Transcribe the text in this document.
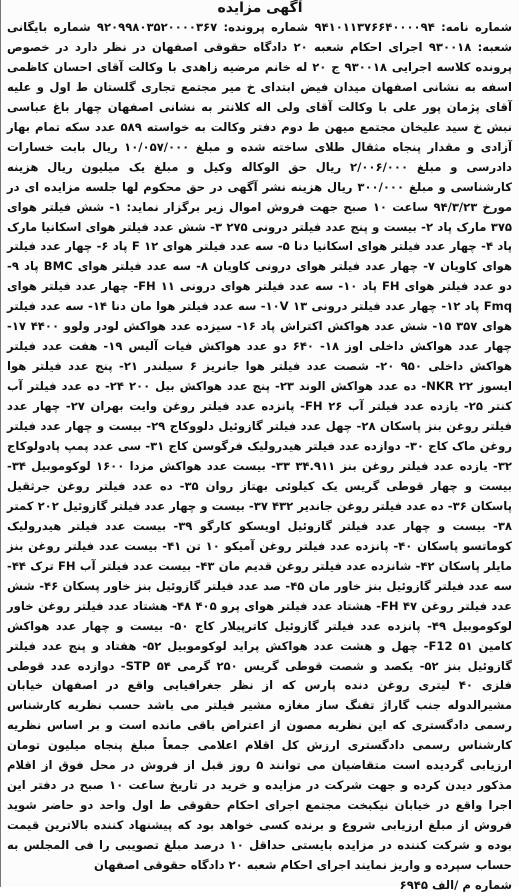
آگهی مزایده

شماره نامه: ۹۴۱۰۱۱۳۷۶۶۴۰۰۰۰۹۴ شماره پرونده: ۹۲۰۹۹۸۰۳۵۲۰۰۰۰۳۶۷ شماره بایگانی شعبه: ۹۳۰۰۱۸ اجرای احکام شعبه ۲۰ دادگاه حقوقی اصفهان در نظر دارد در خصوص پرونده کلاسه اجرایی ۹۳۰۰۱۸ ج ۲۰ له خانم مرضیه زاهدی با وکالت آقای احسان کاظمی اسفه به نشانی اصفهان میدان فیض ابتدای خ میر مجتمع تجاری گلستان ط اول و علیه آقای پژمان پور علی با وکالت آقای ولی اله کلانتر به نشانی اصفهان چهار باغ عباسی نبش خ سید علیخان مجتمع میهن ط دوم دفتر وکالت به خواسته ۵۸۹ عدد سکه تمام بهار آزادی و مقدار پنجاه مثقال طلای ساخته شده و مبلغ ۱۰/۰۵۷/۰۰۰ ریال بابت خسارات دادرسی و مبلغ ۲/۰۰۶/۰۰۰ ریال حق الوکاله وکیل و مبلغ یک میلیون ریال هزینه کارشناسی و مبلغ ۳۰۰/۰۰۰ ریال هزینه نشر آگهی در حق محکوم لها جلسه مزایده ای در مورخ ۹۴/۳/۲۳ ساعت ۱۰ صبح جهت فروش اموال زیر برگزار نماید: ۱- شش فیلتر هوای ۳۷۵ مارک پاد ۲- بیست و پنج عدد فیلتر درونی ۲۷۵ ۳- شش عدد فیلتر هوای اسکانیا مارک پاد ۴- چهار عدد فیلتر هوای اسکانیا دنا ۵- سه عدد فیلتر هوای ۱۲ F پاد ۶- چهار عدد فیلتر هوای کاویان ۷- چهار عدد فیلتر هوای درونی کاویان ۸- سه عدد فیلتر هوای BMC پاد ۹- دو عدد فیلتر هوای FH پاد ۱۰- سه عدد فیلتر هوای درونی FH ۱۱- چهار عدد فیلتر هوای Fmq پاد ۱۲- چهار عدد فیلتر درونی ۱۰V ۱۳- سه عدد فیلتر هوا مان دنا ۱۴- سه عدد فیلتر هوای ۳۵۷ ۱۵- شش عدد هواکش اکتراش پاد ۱۶- سیزده عدد هواکش لودر ولوو ۴۴۰۰ ۱۷- چهار عدد هواکش داخلی اوز ۱۸- ۶۴۰ دو عدد هواکش فیات آلیس ۱۹- هفت عدد فیلتر هواکش داخلی ۹۵۰ ۲۰- شصت عدد فیلتر هوا جانریز ۶ سیلندر ۲۱- پنج عدد فیلتر هوا ایسوز NKR ۲۲- ده عدد هواکش الوند ۲۳- پنج عدد هواکش بیل ۲۰۰ ۲۴- ده عدد فیلتر آب کنتر ۲۵- یازده عدد فیلتر آب FH ۲۶- پانزده عدد فیلتر روغن وایت بهران ۲۷- چهار عدد فیلتر روغن بنز پاسکان ۲۸- چهل عدد فیلتر گازوئیل دلووکاج ۲۹- بیست و چهار عدد فیلتر روغن ماک کاج ۳۰- دوازده عدد فیلتر هیدرولیک فرگوسن کاج ۳۱- سی عدد پمپ پادولوکاج ۳۲- یازده عدد فیلتر روغن بنز ۳۴.۹۱۱ ۳۳- بیست عدد هواکش مزدا ۱۶۰۰ لوکوموبیل ۳۴- بیست و چهار قوطی گریس یک کیلوئی بهتاز روان ۳۵- ده عدد فیلتر روغن جرثقیل پاسکان ۳۶- ده عدد فیلتر روغن جاندیر ۴۳۲ ۳۷- بیست و چهار عدد فیلتر گازوئیل ۲۰۲ کمتر ۳۸- بیست و چهار عدد فیلتر گازوئیل اویسکو کارگو ۳۹- بیست عدد فیلتر هیدرولیک کوماتسو پاسکان ۴۰- پانزده عدد فیلتر روغن آمیکو ۱۰ تن ۴۱- بیست عدد فیلتر روغن بنز مایلر پاسکان ۴۲- شانزده عدد فیلتر روغن قدیم مان ۴۳- بیست عدد فیلتر آب FH ترک ۴۴- سه عدد فیلتر گازوئیل بنز خاور مان ۴۵- صد عدد فیلتر گازوئیل بنز خاور پسکان ۴۶- شش عدد فیلتر روغن FH ۴۷- هشتاد عدد فیلتر هوای پرو ۴۰۵ ۴۸- هشتاد عدد فیلتر روغن خاور لوکوموبیل ۴۹- پانزده عدد فیلتر گازوئیل کاترپیلار کاج ۵۰- بیست و چهار عدد هواکش کامین F12 ۵۱- چهل و هشت عدد هواکش پراید لوکوموبیل ۵۲- هفتاد و پنج عدد فیلتر گازوئیل بنز ۵۲- یکصد و شصت قوطی گریس ۲۵۰ گرمی STP ۵۴- دوازده عدد قوطی فلزی ۴۰ لیتری روغن دنده پارس که از نظر جغرافیایی واقع در اصفهان خیابان مشیرالدوله جنب گاراژ تفنگ ساز مغازه مشیر فیلتر می باشد حسب نظریه کارشناس رسمی دادگستری که این نظریه مصون از اعتراض باقی مانده است و بر اساس نظریه کارشناس رسمی دادگستری ارزش کل اقلام اعلامی جمعاً مبلغ پنجاه میلیون تومان ارزیابی گردیده است متقاضیان می توانند ۵ روز قبل از فروش در محل فوق از اقلام مذکور دیدن کرده و جهت شرکت در مزایده و خرید در تاریخ ساعت ۱۰ صبح در دفتر این اجرا واقع در خیابان نیکبخت مجتمع اجرای احکام حقوقی ط اول واحد دو حاضر شوید فروش از مبلغ ارزیابی شروع و برنده کسی خواهد بود که پیشنهاد کننده بالاترین قیمت بوده و شرکت کننده در مزایده بایستی حداقل ۱۰ درصد مبلغ تصویبی را فی المجلس به حساب سپرده و واریز نمایند اجرای احکام شعبه ۲۰ دادگاه حقوقی اصفهان

شماره م /الف ۶۹۴۵
